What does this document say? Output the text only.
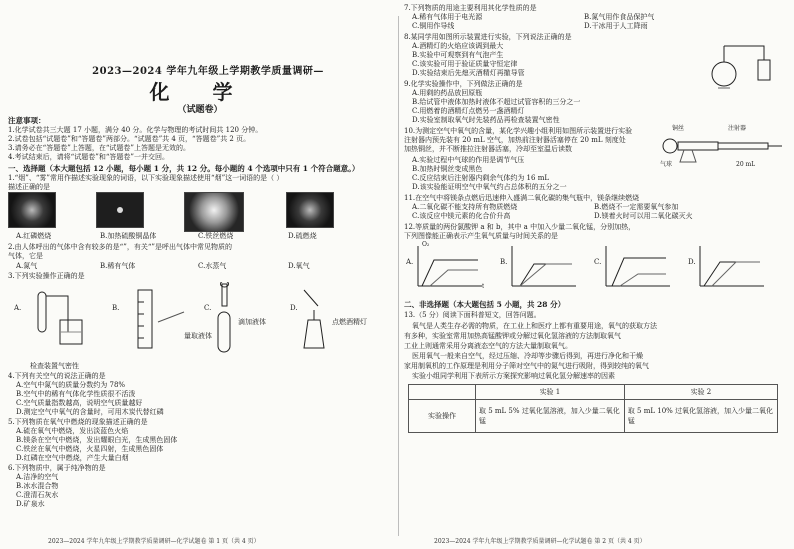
2023—2024 学年九年级上学期教学质量调研—
化 学
（试题卷）
注意事项：
1.化学试卷共三大题 17 小题，满分 40 分。化学与物理的考试时间共 120 分钟。
2.试卷包括“试题卷”和“答题卷”两部分。“试题卷”共 4 页，“答题卷”共 2 页。
3.请务必在“答题卷”上答题，在“试题卷”上答题是无效的。
4.考试结束后，请将“试题卷”和“答题卷”一并交回。
一、选择题（本大题包括 12 小题，每小题 1 分，共 12 分。每小题的 4 个选项中只有 1 个符合题意。）
1.“烟”、“雾”常用作描述实验现象的词语，以下实验现象描述使用“烟”这一词语的是（ ）
描述正确的是
A.红磷燃烧	B.加热硫酸铜晶体	C.铁丝燃烧	D.硫燃烧
2.由人体呼出的气体中含有较多的是“”，有关“”是呼出气体中常见物质的
气体，它是
A.氮气	B.稀有气体	C.水蒸气	D.氧气
3.下列实验操作正确的是
A.	B.	C.	D.
检查装置气密性
量取液体
滴加液体	点燃酒精灯
4.下列有关空气的说法正确的是
A.空气中氮气的质量分数约为 78%
B.空气中的稀有气体化学性质很不活泼
C.空气质量指数越高，说明空气质量越好
D.测定空气中氧气的含量时，可用木炭代替红磷
5.下列物质在氧气中燃烧的现象描述正确的是
A.硫在氧气中燃烧，发出淡蓝色火焰
B.镁条在空气中燃烧，发出耀眼白光，生成黑色固体
C.铁丝在氧气中燃烧，火星四射，生成黑色固体
D.红磷在空气中燃烧，产生大量白烟
6.下列物质中，属于纯净物的是
A.洁净的空气
B.冰水混合物
C.澄清石灰水
D.矿泉水
2023—2024 学年九年级上学期教学质量调研—化学试题卷 第 1 页（共 4 页）
7.下列物质的用途主要利用其化学性质的是
A.稀有气体用于电光源	B.氮气用作食品保护气
C.铜用作导线	D.干冰用于人工降雨
8.某同学用如图所示装置进行实验，下列说法正确的是
A.酒精灯的火焰应该调到最大
B.实验中可观察到有气泡产生
C.该实验可用于验证质量守恒定律
D.实验结束后先熄灭酒精灯再撤导管
9.化学实验操作中，下列做法正确的是
A.用剩的药品放回原瓶
B.给试管中液体加热时液体不超过试管容积的三分之一
C.用燃着的酒精灯点燃另一盏酒精灯
D.实验室制取氧气时先装药品再检查装置气密性
10.为测定空气中氧气的含量，某化学兴趣小组利用如图所示装置进行实验
注射器内预先装有 20 mL 空气，加热前注射器活塞停在 20 mL 刻度处
加热铜丝，并不断推拉注射器活塞，冷却至室温后读数
A.实验过程中气球的作用是调节气压
B.加热时铜丝变成黑色
C.反应结束后注射器内剩余气体约为 16 mL
D.该实验能证明空气中氧气约占总体积的五分之一
铜丝	注射器
气球	20 mL
11.在空气中将镁条点燃后迅速伸入盛满二氧化碳的集气瓶中，镁条继续燃烧
A.二氧化碳不能支持所有物质燃烧	B.燃烧不一定需要氧气参加
C.该反应中镁元素的化合价升高	D.镁着火时可以用二氧化碳灭火
12.等质量的两份氯酸钾 a 和 b，其中 a 中加入少量二氧化锰，分别加热，
下列图像能正确表示产生氧气质量与时间关系的是
A.	B.	C.	D.
O₂
t
二、非选择题（本大题包括 5 小题，共 28 分）
13.（5 分）阅读下面科普短文，回答问题。
氧气是人类生存必需的物质，在工业上和医疗上都有重要用途，氧气的获取方法
有多种，实验室常用加热高锰酸钾或分解过氧化氢溶液的方法制取氧气
工业上则通常采用分离液态空气的方法大量制取氧气。
医用氧气一般来自空气，经过压缩、冷却等步骤后得到，再进行净化和干燥
家用制氧机的工作原理是利用分子筛对空气中的氮气进行吸附，得到较纯的氧气
实验小组同学利用下表所示方案探究影响过氧化氢分解速率的因素
	实验 1	实验 2
实验操作	取 5 mL 5% 过氧化氢溶液，加入少量二氧化锰	取 5 mL 10% 过氧化氢溶液，加入少量二氧化锰
2023—2024 学年九年级上学期教学质量调研—化学试题卷 第 2 页（共 4 页）
